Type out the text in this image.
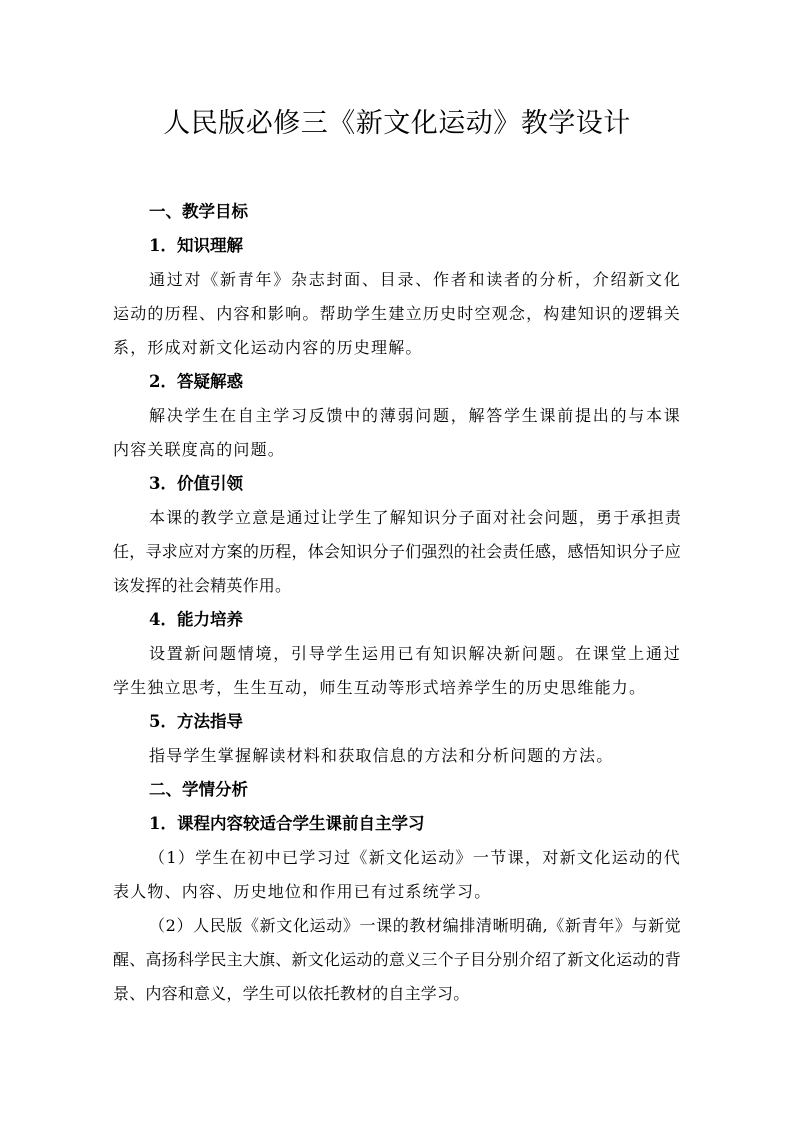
人民版必修三《新文化运动》教学设计
一、教学目标
1．知识理解

通过对《新青年》杂志封面、目录、作者和读者的分析，介绍新文化运动的历程、内容和影响。帮助学生建立历史时空观念，构建知识的逻辑关系，形成对新文化运动内容的历史理解。

2．答疑解惑

解决学生在自主学习反馈中的薄弱问题，解答学生课前提出的与本课内容关联度高的问题。

3．价值引领

本课的教学立意是通过让学生了解知识分子面对社会问题，勇于承担责任，寻求应对方案的历程，体会知识分子们强烈的社会责任感，感悟知识分子应该发挥的社会精英作用。

4．能力培养

设置新问题情境，引导学生运用已有知识解决新问题。在课堂上通过学生独立思考，生生互动，师生互动等形式培养学生的历史思维能力。

5．方法指导

指导学生掌握解读材料和获取信息的方法和分析问题的方法。

二、学情分析
1．课程内容较适合学生课前自主学习

（1）学生在初中已学习过《新文化运动》一节课，对新文化运动的代表人物、内容、历史地位和作用已有过系统学习。

（2）人民版《新文化运动》一课的教材编排清晰明确,《新青年》与新觉醒、高扬科学民主大旗、新文化运动的意义三个子目分别介绍了新文化运动的背景、内容和意义，学生可以依托教材的自主学习。
